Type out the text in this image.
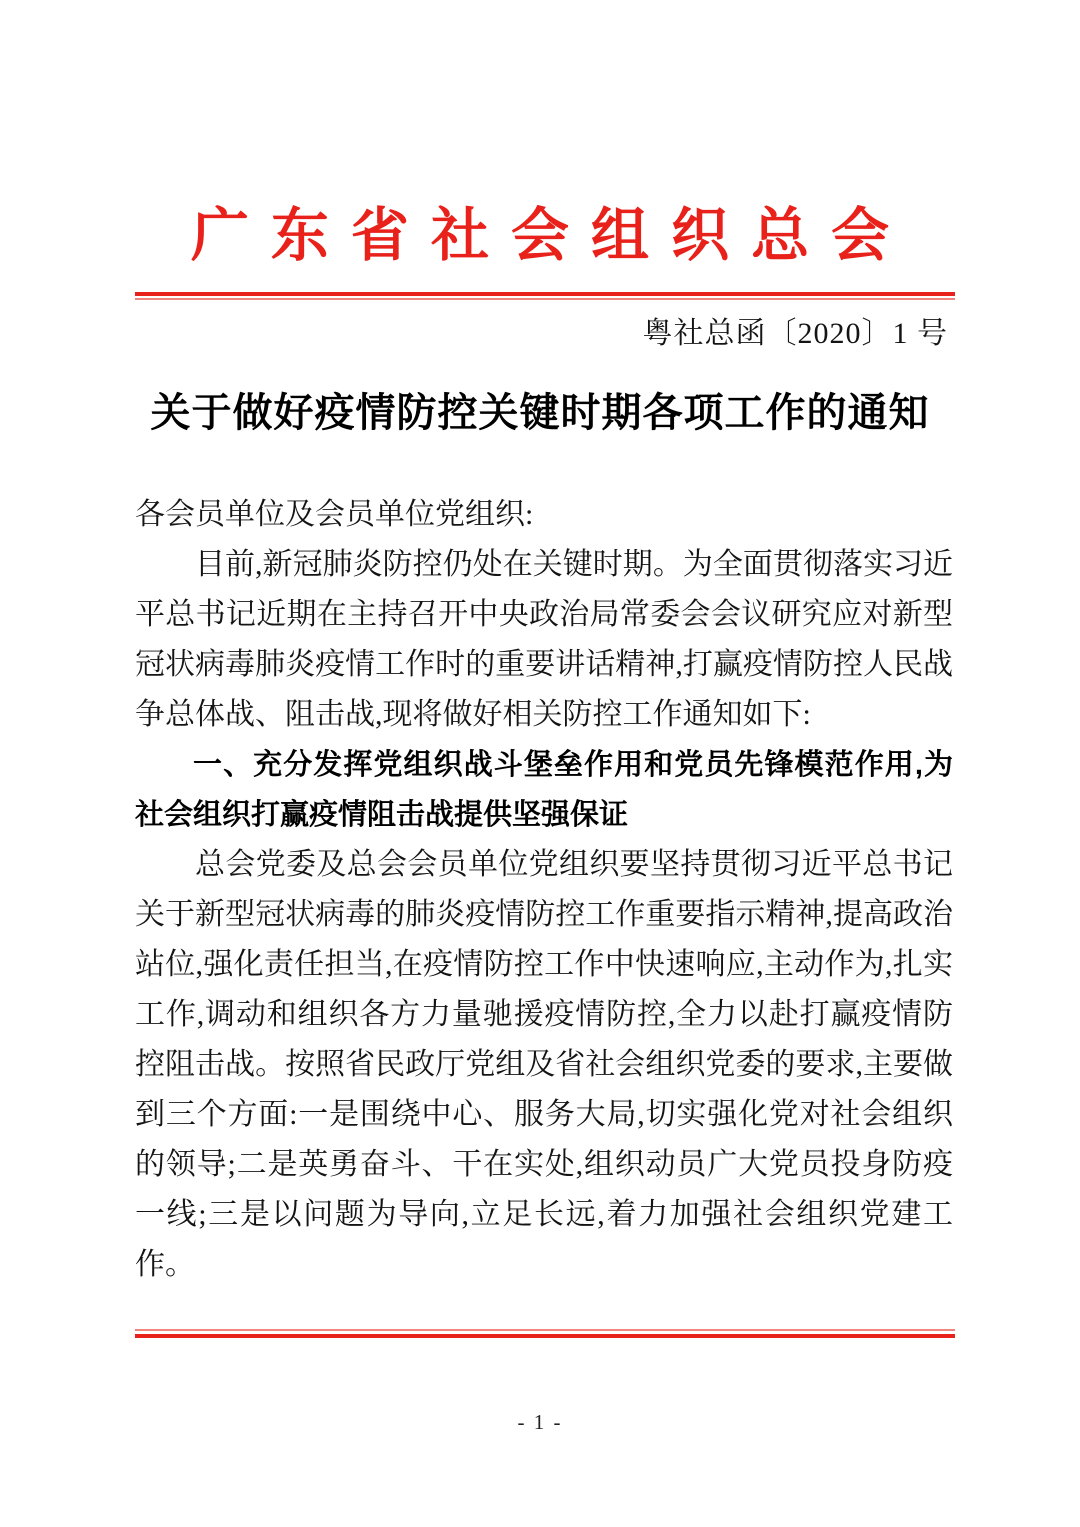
广东省社会组织总会
粤社总函〔2020〕1 号
关于做好疫情防控关键时期各项工作的通知

各会员单位及会员单位党组织:

目前,新冠肺炎防控仍处在关键时期。为全面贯彻落实习近平总书记近期在主持召开中央政治局常委会会议研究应对新型冠状病毒肺炎疫情工作时的重要讲话精神,打赢疫情防控人民战争总体战、阻击战,现将做好相关防控工作通知如下:

一、充分发挥党组织战斗堡垒作用和党员先锋模范作用,为社会组织打赢疫情阻击战提供坚强保证

总会党委及总会会员单位党组织要坚持贯彻习近平总书记关于新型冠状病毒的肺炎疫情防控工作重要指示精神,提高政治站位,强化责任担当,在疫情防控工作中快速响应,主动作为,扎实工作,调动和组织各方力量驰援疫情防控,全力以赴打赢疫情防控阻击战。按照省民政厅党组及省社会组织党委的要求,主要做到三个方面:一是围绕中心、服务大局,切实强化党对社会组织的领导;二是英勇奋斗、干在实处,组织动员广大党员投身防疫一线;三是以问题为导向,立足长远,着力加强社会组织党建工作。

- 1 -
